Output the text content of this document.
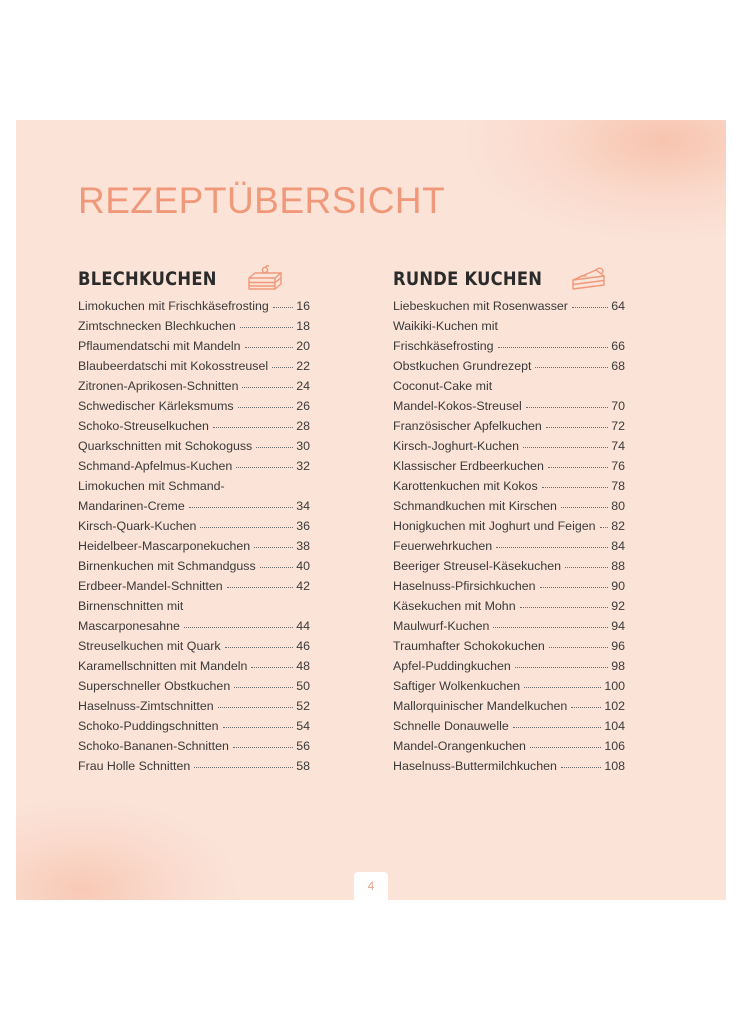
REZEPTÜBERSICHT
BLECHKUCHEN
Limokuchen mit Frischkäsefrosting 16
Zimtschnecken Blechkuchen	18
Pflaumendatschi mit Mandeln	20
Blaubeerdatschi mit Kokosstreusel 22
Zitronen-Aprikosen-Schnitten	24
Schwedischer Kärleksmums	26
Schoko-Streuselkuchen	28
Quarkschnitten mit Schokoguss	30
Schmand-Apfelmus-Kuchen	32
Limokuchen mit Schmand-
Mandarinen-Creme	34
Kirsch-Quark-Kuchen	36
Heidelbeer-Mascarponekuchen	38
Birnenkuchen mit Schmandguss	40
Erdbeer-Mandel-Schnitten	42
Birnenschnitten mit
Mascarponesahne	44
Streuselkuchen mit Quark	46
Karamellschnitten mit Mandeln	48
Superschneller Obstkuchen	50
Haselnuss-Zimtschnitten	52
Schoko-Puddingschnitten	54
Schoko-Bananen-Schnitten	56
Frau Holle Schnitten	58
RUNDE KUCHEN
Liebeskuchen mit Rosenwasser	64
Waikiki-Kuchen mit
Frischkäsefrosting	66
Obstkuchen Grundrezept	68
Coconut-Cake mit
Mandel-Kokos-Streusel	70
Französischer Apfelkuchen	72
Kirsch-Joghurt-Kuchen	74
Klassischer Erdbeerkuchen	76
Karottenkuchen mit Kokos	78
Schmandkuchen mit Kirschen	80
Honigkuchen mit Joghurt und Feigen 82
Feuerwehrkuchen	84
Beeriger Streusel-Käsekuchen	88
Haselnuss-Pfirsichkuchen	90
Käsekuchen mit Mohn	92
Maulwurf-Kuchen	94
Traumhafter Schokokuchen	96
Apfel-Puddingkuchen	98
Saftiger Wolkenkuchen	100
Mallorquinischer Mandelkuchen	102
Schnelle Donauwelle	104
Mandel-Orangenkuchen	106
Haselnuss-Buttermilchkuchen	108
4
